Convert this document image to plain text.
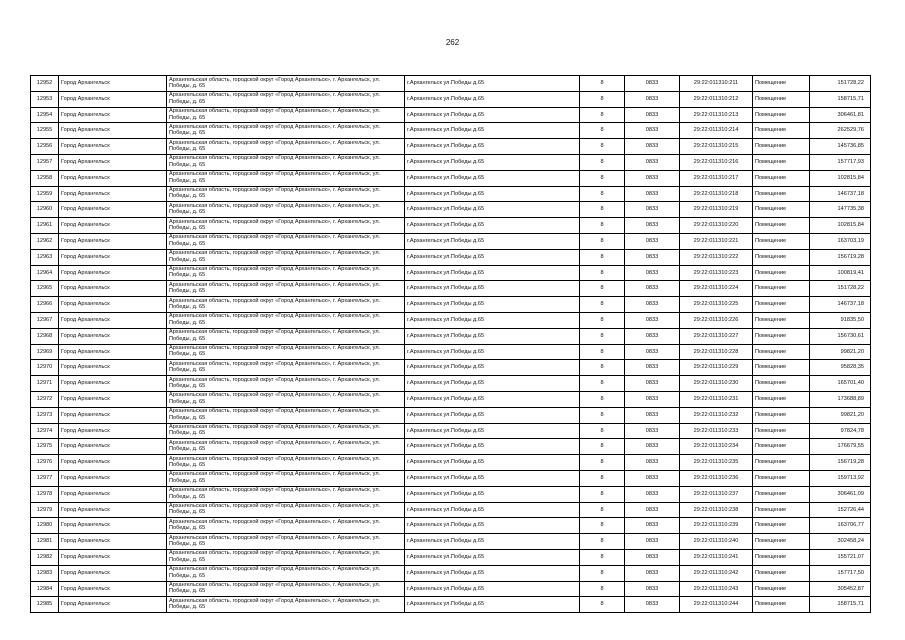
262
12952	Город Архангельск	Архангельская область, городской округ «Город Архангельск», г. Архангельск, ул. Победы, д. 65	г.Архангельск ул.Победы д.65	8	0833	29:22:011310:211	Помещение	151728,22
12953	Город Архангельск	Архангельская область, городской округ «Город Архангельск», г. Архангельск, ул. Победы, д. 65	г.Архангельск ул.Победы д.65	8	0833	29:22:011310:212	Помещение	158715,71
12954	Город Архангельск	Архангельская область, городской округ «Город Архангельск», г. Архангельск, ул. Победы, д. 65	г.Архангельск ул.Победы д.65	8	0833	29:22:011310:213	Помещение	306461,81
12955	Город Архангельск	Архангельская область, городской округ «Город Архангельск», г. Архангельск, ул. Победы, д. 65	г.Архангельск ул.Победы д.65	8	0833	29:22:011310:214	Помещение	262529,76
12956	Город Архангельск	Архангельская область, городской округ «Город Архангельск», г. Архангельск, ул. Победы, д. 65	г.Архангельск ул.Победы д.65	8	0833	29:22:011310:215	Помещение	145736,85
12957	Город Архангельск	Архангельская область, городской округ «Город Архангельск», г. Архангельск, ул. Победы, д. 65	г.Архангельск ул.Победы д.65	8	0833	29:22:011310:216	Помещение	157717,93
12958	Город Архангельск	Архангельская область, городской округ «Город Архангельск», г. Архангельск, ул. Победы, д. 65	г.Архангельск ул.Победы д.65	8	0833	29:22:011310:217	Помещение	102815,84
12959	Город Архангельск	Архангельская область, городской округ «Город Архангельск», г. Архангельск, ул. Победы, д. 65	г.Архангельск ул.Победы д.65	8	0833	29:22:011310:218	Помещение	146737,18
12960	Город Архангельск	Архангельская область, городской округ «Город Архангельск», г. Архангельск, ул. Победы, д. 65	г.Архангельск ул.Победы д.65	8	0833	29:22:011310:219	Помещение	147735,38
12961	Город Архангельск	Архангельская область, городской округ «Город Архангельск», г. Архангельск, ул. Победы, д. 65	г.Архангельск ул.Победы д.65	8	0833	29:22:011310:220	Помещение	102815,84
12962	Город Архангельск	Архангельская область, городской округ «Город Архангельск», г. Архангельск, ул. Победы, д. 65	г.Архангельск ул.Победы д.65	8	0833	29:22:011310:221	Помещение	163703,19
12963	Город Архангельск	Архангельская область, городской округ «Город Архангельск», г. Архангельск, ул. Победы, д. 65	г.Архангельск ул.Победы д.65	8	0833	29:22:011310:222	Помещение	156719,28
12964	Город Архангельск	Архангельская область, городской округ «Город Архангельск», г. Архангельск, ул. Победы, д. 65	г.Архангельск ул.Победы д.65	8	0833	29:22:011310:223	Помещение	100819,41
12965	Город Архангельск	Архангельская область, городской округ «Город Архангельск», г. Архангельск, ул. Победы, д. 65	г.Архангельск ул.Победы д.65	8	0833	29:22:011310:224	Помещение	151728,22
12966	Город Архангельск	Архангельская область, городской округ «Город Архангельск», г. Архангельск, ул. Победы, д. 65	г.Архангельск ул.Победы д.65	8	0833	29:22:011310:225	Помещение	146737,18
12967	Город Архангельск	Архангельская область, городской округ «Город Архангельск», г. Архангельск, ул. Победы, д. 65	г.Архангельск ул.Победы д.65	8	0833	29:22:011310:226	Помещение	91835,50
12968	Город Архангельск	Архангельская область, городской округ «Город Архангельск», г. Архангельск, ул. Победы, д. 65	г.Архангельск ул.Победы д.65	8	0833	29:22:011310:227	Помещение	156730,61
12969	Город Архангельск	Архангельская область, городской округ «Город Архангельск», г. Архангельск, ул. Победы, д. 65	г.Архангельск ул.Победы д.65	8	0833	29:22:011310:228	Помещение	99821,20
12970	Город Архангельск	Архангельская область, городской округ «Город Архангельск», г. Архангельск, ул. Победы, д. 65	г.Архангельск ул.Победы д.65	8	0833	29:22:011310:229	Помещение	95828,35
12971	Город Архангельск	Архангельская область, городской округ «Город Архангельск», г. Архангельск, ул. Победы, д. 65	г.Архангельск ул.Победы д.65	8	0833	29:22:011310:230	Помещение	165701,40
12972	Город Архангельск	Архангельская область, городской округ «Город Архангельск», г. Архангельск, ул. Победы, д. 65	г.Архангельск ул.Победы д.65	8	0833	29:22:011310:231	Помещение	173688,89
12973	Город Архангельск	Архангельская область, городской округ «Город Архангельск», г. Архангельск, ул. Победы, д. 65	г.Архангельск ул.Победы д.65	8	0833	29:22:011310:232	Помещение	99821,20
12974	Город Архангельск	Архангельская область, городской округ «Город Архангельск», г. Архангельск, ул. Победы, д. 65	г.Архангельск ул.Победы д.65	8	0833	29:22:011310:233	Помещение	97824,78
12975	Город Архангельск	Архангельская область, городской округ «Город Архангельск», г. Архангельск, ул. Победы, д. 65	г.Архангельск ул.Победы д.65	8	0833	29:22:011310:234	Помещение	176679,55
12976	Город Архангельск	Архангельская область, городской округ «Город Архангельск», г. Архангельск, ул. Победы, д. 65	г.Архангельск ул.Победы д.65	8	0833	29:22:011310:235	Помещение	156719,28
12977	Город Архангельск	Архангельская область, городской округ «Город Архангельск», г. Архангельск, ул. Победы, д. 65	г.Архангельск ул.Победы д.65	8	0833	29:22:011310:236	Помещение	159713,92
12978	Город Архангельск	Архангельская область, городской округ «Город Архангельск», г. Архангельск, ул. Победы, д. 65	г.Архангельск ул.Победы д.65	8	0833	29:22:011310:237	Помещение	306461,09
12979	Город Архангельск	Архангельская область, городской округ «Город Архангельск», г. Архангельск, ул. Победы, д. 65	г.Архангельск ул.Победы д.65	8	0833	29:22:011310:238	Помещение	152726,44
12980	Город Архангельск	Архангельская область, городской округ «Город Архангельск», г. Архангельск, ул. Победы, д. 65	г.Архангельск ул.Победы д.65	8	0833	29:22:011310:239	Помещение	163706,77
12981	Город Архангельск	Архангельская область, городской округ «Город Архангельск», г. Архангельск, ул. Победы, д. 65	г.Архангельск ул.Победы д.65	8	0833	29:22:011310:240	Помещение	302458,24
12982	Город Архангельск	Архангельская область, городской округ «Город Архангельск», г. Архангельск, ул. Победы, д. 65	г.Архангельск ул.Победы д.65	8	0833	29:22:011310:241	Помещение	155721,07
12983	Город Архангельск	Архангельская область, городской округ «Город Архангельск», г. Архангельск, ул. Победы, д. 65	г.Архангельск ул.Победы д.65	8	0833	29:22:011310:242	Помещение	157717,50
12984	Город Архангельск	Архангельская область, городской округ «Город Архангельск», г. Архангельск, ул. Победы, д. 65	г.Архангельск ул.Победы д.65	8	0833	29:22:011310:243	Помещение	305452,87
12985	Город Архангельск	Архангельская область, городской округ «Город Архангельск», г. Архангельск, ул. Победы, д. 65	г.Архангельск ул.Победы д.65	8	0833	29:22:011310:244	Помещение	158715,71
